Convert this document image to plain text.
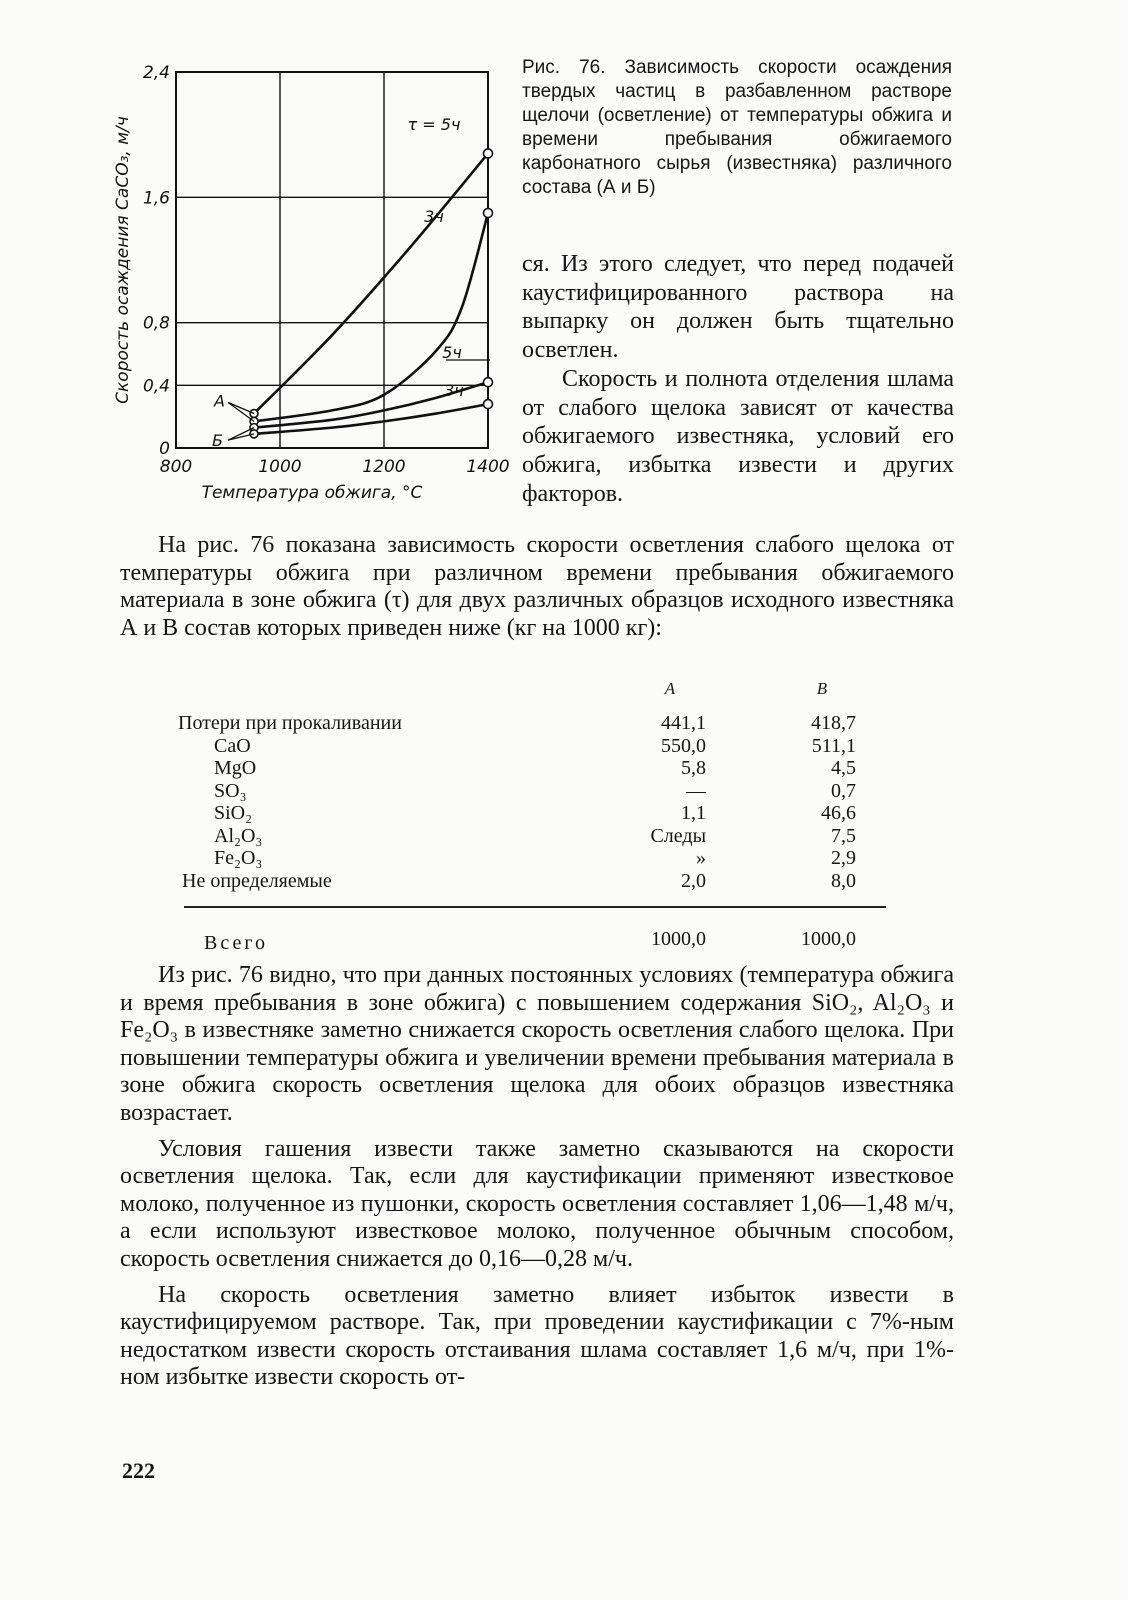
800	1000	1200	1400
0
0,4
0,8
1,6
2,4
Температура обжига, °С
Скорость осаждения CaCO₃, м/ч	τ = 5ч
3ч
5ч
3ч
А
Б
Рис. 76. Зависимость скорости осаждения твердых частиц в разбавленном растворе щелочи (осветление) от температуры обжига и времени пребывания обжигаемого карбонатного сырья (известняка) различного состава (А и Б)

ся. Из этого следует, что перед подачей каустифицированного раствора на выпарку он должен быть тщательно осветлен.

Скорость и полнота отделения шлама от слабого щелока зависят от качества обжигаемого известняка, условий его обжига, избытка извести и других факторов.

На рис. 76 показана зависимость скорости осветления слабого щелока от температуры обжига при различном времени пребывания обжигаемого материала в зоне обжига (τ) для двух различных образцов исходного известняка А и В состав которых приведен ниже (кг на 1000 кг):

А	В
Потери при прокаливании	441,1	418,7
CaO	550,0	511,1
MgO	5,8	4,5
SO₃	—	0,7
SiO₂	1,1	46,6
Al₂O₃	Следы	7,5
Fe₂O₃	»	2,9
Не определяемые	2,0	8,0
Всего	1000,0	1000,0

Из рис. 76 видно, что при данных постоянных условиях (температура обжига и время пребывания в зоне обжига) с повышением содержания SiO₂, Al₂O₃ и Fe₂O₃ в известняке заметно снижается скорость осветления слабого щелока. При повышении температуры обжига и увеличении времени пребывания материала в зоне обжига скорость осветления щелока для обоих образцов известняка возрастает.

Условия гашения извести также заметно сказываются на скорости осветления щелока. Так, если для каустификации применяют известковое молоко, полученное из пушонки, скорость осветления составляет 1,06—1,48 м/ч, а если используют известковое молоко, полученное обычным способом, скорость осветления снижается до 0,16—0,28 м/ч.

На скорость осветления заметно влияет избыток извести в каустифицируемом растворе. Так, при проведении каустификации с 7%-ным недостатком извести скорость отстаивания шлама составляет 1,6 м/ч, при 1%-ном избытке извести скорость от-

222
